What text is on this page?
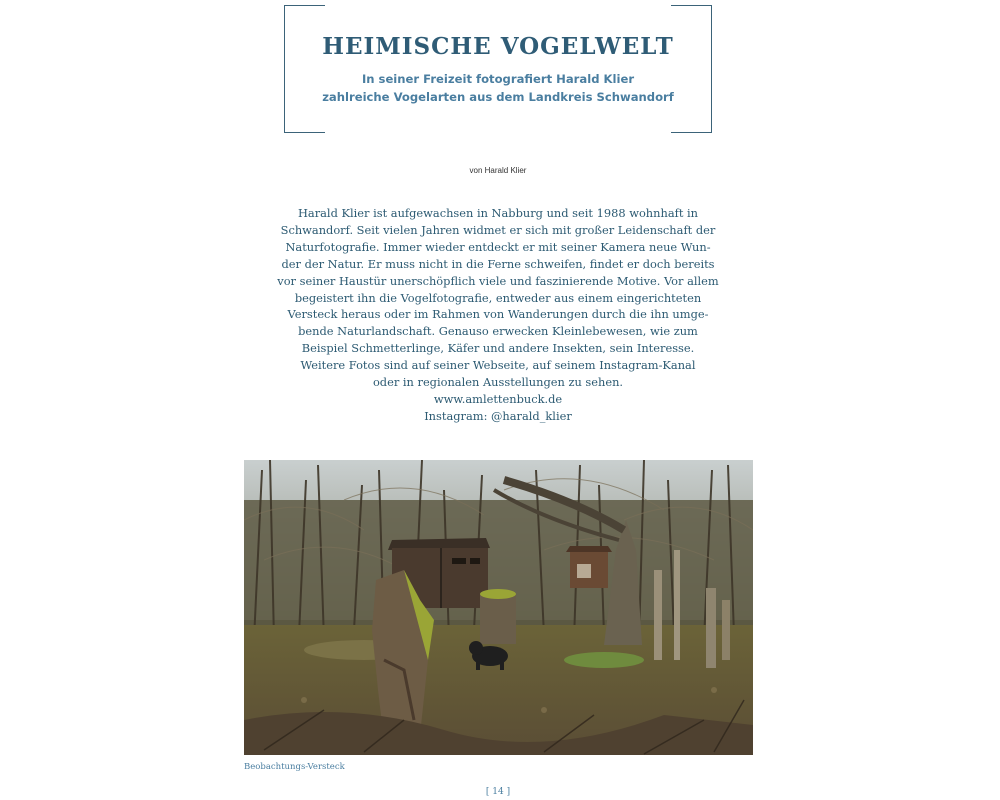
HEIMISCHE VOGELWELT
In seiner Freizeit fotografiert Harald Klier
zahlreiche Vogelarten aus dem Landkreis Schwandorf
von Harald Klier
Harald Klier ist aufgewachsen in Nabburg und seit 1988 wohnhaft in
Schwandorf. Seit vielen Jahren widmet er sich mit großer Leidenschaft der
Naturfotografie. Immer wieder entdeckt er mit seiner Kamera neue Wun-
der der Natur. Er muss nicht in die Ferne schweifen, findet er doch bereits
vor seiner Haustür unerschöpflich viele und faszinierende Motive. Vor allem
begeistert ihn die Vogelfotografie, entweder aus einem eingerichteten
Versteck heraus oder im Rahmen von Wanderungen durch die ihn umge-
bende Naturlandschaft. Genauso erwecken Kleinlebewesen, wie zum
Beispiel Schmetterlinge, Käfer und andere Insekten, sein Interesse.
Weitere Fotos sind auf seiner Webseite, auf seinem Instagram-Kanal
oder in regionalen Ausstellungen zu sehen.
www.amlettenbuck.de
Instagram: @harald_klier
Beobachtungs-Versteck
[ 14 ]
